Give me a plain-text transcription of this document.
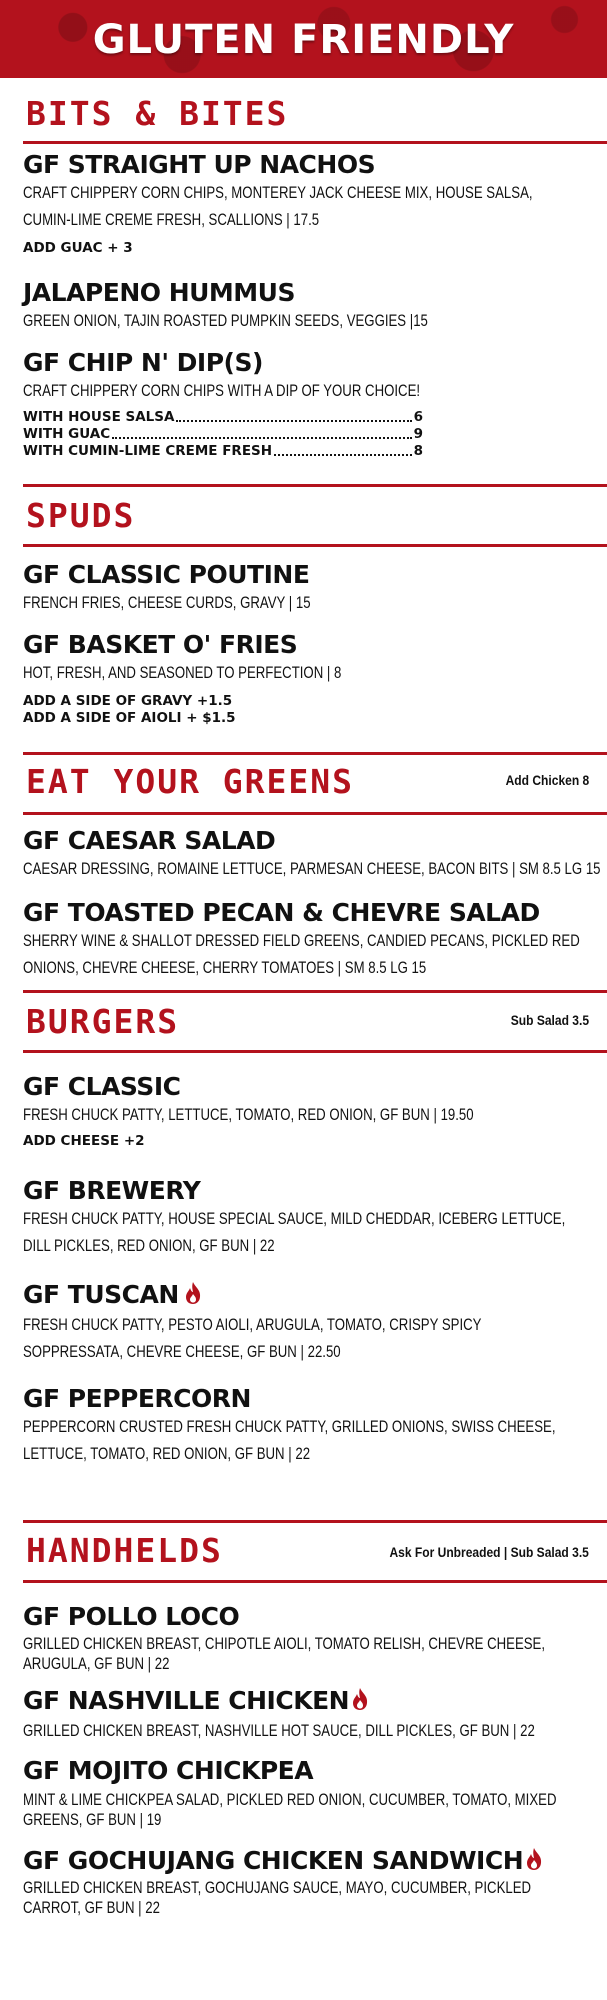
GLUTEN FRIENDLY
BITS & BITES
GF STRAIGHT UP NACHOS
CRAFT CHIPPERY CORN CHIPS, MONTEREY JACK CHEESE MIX, HOUSE SALSA,
CUMIN-LIME CREME FRESH, SCALLIONS | 17.5
ADD GUAC + 3
JALAPENO HUMMUS
GREEN ONION, TAJIN ROASTED PUMPKIN SEEDS, VEGGIES |15
GF CHIP N' DIP(S)
CRAFT CHIPPERY CORN CHIPS WITH A DIP OF YOUR CHOICE!
WITH HOUSE SALSA	6
WITH GUAC	9
WITH CUMIN-LIME CREME FRESH	8
SPUDS
GF CLASSIC POUTINE
FRENCH FRIES, CHEESE CURDS, GRAVY | 15
GF BASKET O' FRIES
HOT, FRESH, AND SEASONED TO PERFECTION | 8
ADD A SIDE OF GRAVY +1.5
ADD A SIDE OF AIOLI + $1.5
EAT YOUR GREENS	Add Chicken 8
GF CAESAR SALAD
CAESAR DRESSING, ROMAINE LETTUCE, PARMESAN CHEESE, BACON BITS | SM 8.5 LG 15
GF TOASTED PECAN & CHEVRE SALAD
SHERRY WINE & SHALLOT DRESSED FIELD GREENS, CANDIED PECANS, PICKLED RED
ONIONS, CHEVRE CHEESE, CHERRY TOMATOES | SM 8.5 LG 15
BURGERS	Sub Salad 3.5
GF CLASSIC
FRESH CHUCK PATTY, LETTUCE, TOMATO, RED ONION, GF BUN | 19.50
ADD CHEESE +2
GF BREWERY
FRESH CHUCK PATTY, HOUSE SPECIAL SAUCE, MILD CHEDDAR, ICEBERG LETTUCE,
DILL PICKLES, RED ONION, GF BUN | 22
GF TUSCAN
FRESH CHUCK PATTY, PESTO AIOLI, ARUGULA, TOMATO, CRISPY SPICY
SOPPRESSATA, CHEVRE CHEESE, GF BUN | 22.50
GF PEPPERCORN
PEPPERCORN CRUSTED FRESH CHUCK PATTY, GRILLED ONIONS, SWISS CHEESE,
LETTUCE, TOMATO, RED ONION, GF BUN | 22
HANDHELDS	Ask For Unbreaded | Sub Salad 3.5
GF POLLO LOCO
GRILLED CHICKEN BREAST, CHIPOTLE AIOLI, TOMATO RELISH, CHEVRE CHEESE,
ARUGULA, GF BUN | 22
GF NASHVILLE CHICKEN
GRILLED CHICKEN BREAST, NASHVILLE HOT SAUCE, DILL PICKLES, GF BUN | 22
GF MOJITO CHICKPEA
MINT & LIME CHICKPEA SALAD, PICKLED RED ONION, CUCUMBER, TOMATO, MIXED
GREENS, GF BUN | 19
GF GOCHUJANG CHICKEN SANDWICH
GRILLED CHICKEN BREAST, GOCHUJANG SAUCE, MAYO, CUCUMBER, PICKLED
CARROT, GF BUN | 22
